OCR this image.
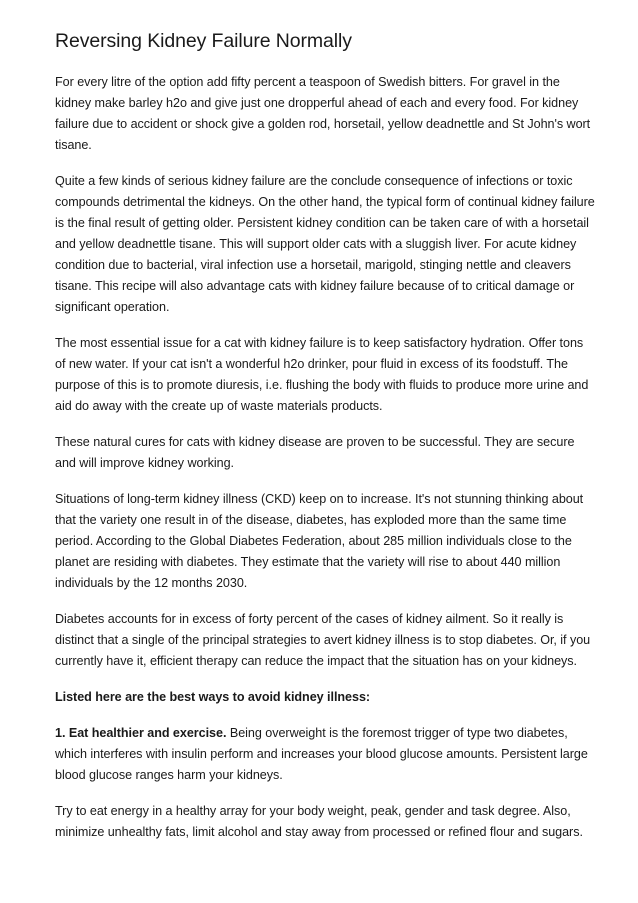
Reversing Kidney Failure Normally

For every litre of the option add fifty percent a teaspoon of Swedish bitters. For gravel in the kidney make barley h2o and give just one dropperful ahead of each and every food. For kidney failure due to accident or shock give a golden rod, horsetail, yellow deadnettle and St John's wort tisane.

Quite a few kinds of serious kidney failure are the conclude consequence of infections or toxic compounds detrimental the kidneys. On the other hand, the typical form of continual kidney failure is the final result of getting older. Persistent kidney condition can be taken care of with a horsetail and yellow deadnettle tisane. This will support older cats with a sluggish liver. For acute kidney condition due to bacterial, viral infection use a horsetail, marigold, stinging nettle and cleavers tisane. This recipe will also advantage cats with kidney failure because of to critical damage or significant operation.

The most essential issue for a cat with kidney failure is to keep satisfactory hydration. Offer tons of new water. If your cat isn't a wonderful h2o drinker, pour fluid in excess of its foodstuff. The purpose of this is to promote diuresis, i.e. flushing the body with fluids to produce more urine and aid do away with the create up of waste materials products.

These natural cures for cats with kidney disease are proven to be successful. They are secure and will improve kidney working.

Situations of long-term kidney illness (CKD) keep on to increase. It's not stunning thinking about that the variety one result in of the disease, diabetes, has exploded more than the same time period. According to the Global Diabetes Federation, about 285 million individuals close to the planet are residing with diabetes. They estimate that the variety will rise to about 440 million individuals by the 12 months 2030.

Diabetes accounts for in excess of forty percent of the cases of kidney ailment. So it really is distinct that a single of the principal strategies to avert kidney illness is to stop diabetes. Or, if you currently have it, efficient therapy can reduce the impact that the situation has on your kidneys.

Listed here are the best ways to avoid kidney illness:

1. Eat healthier and exercise. Being overweight is the foremost trigger of type two diabetes, which interferes with insulin perform and increases your blood glucose amounts. Persistent large blood glucose ranges harm your kidneys.

Try to eat energy in a healthy array for your body weight, peak, gender and task degree. Also, minimize unhealthy fats, limit alcohol and stay away from processed or refined flour and sugars.
